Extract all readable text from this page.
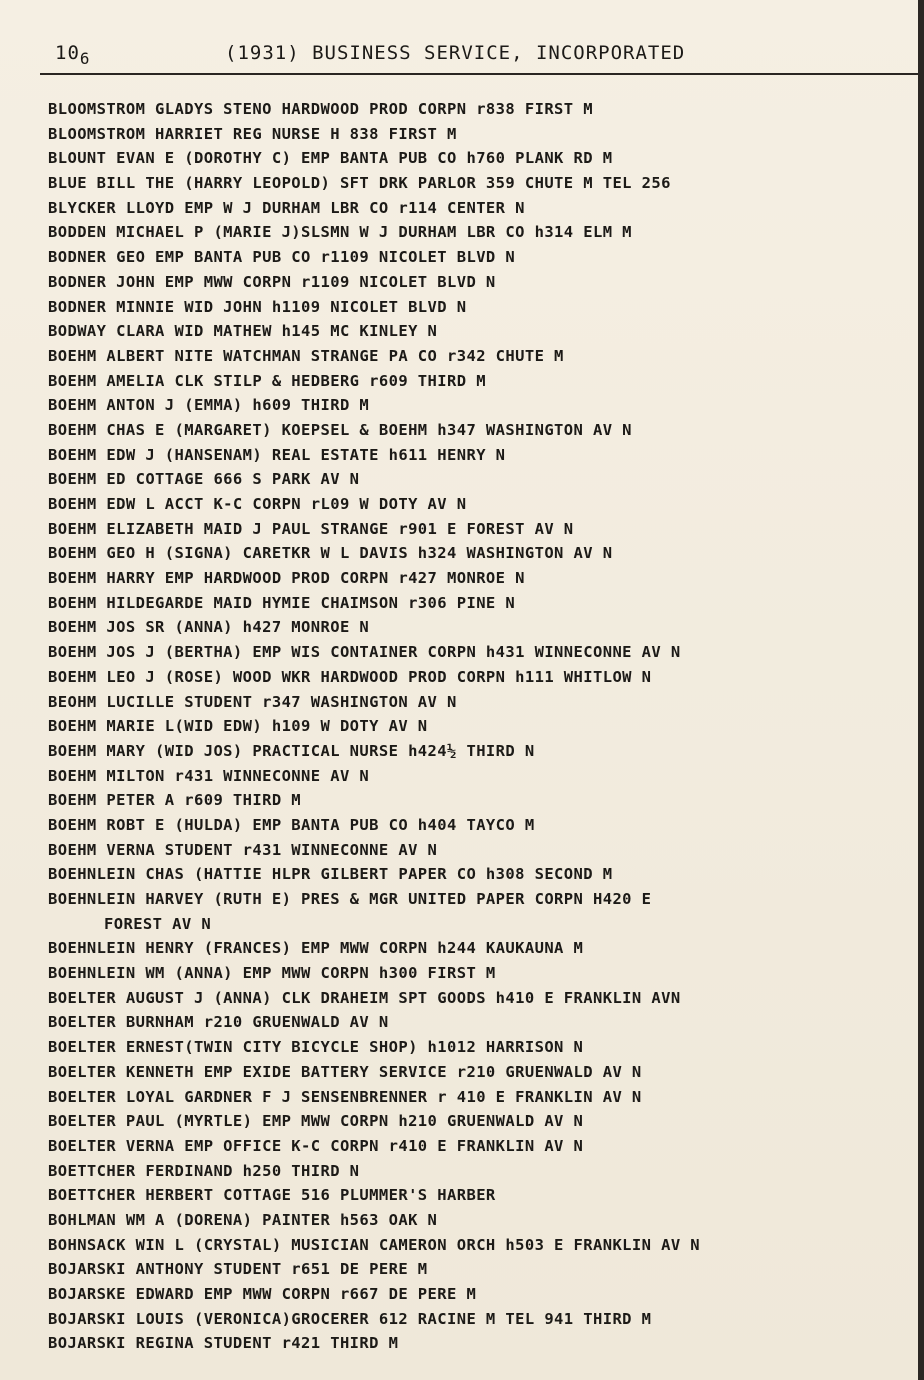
$10_6$	(1931) BUSINESS SERVICE, INCORPORATED
BLOOMSTROM GLADYS STENO HARDWOOD PROD CORPN r838 FIRST M
BLOOMSTROM HARRIET REG NURSE H 838 FIRST M
BLOUNT EVAN E (DOROTHY C) EMP BANTA PUB CO h760 PLANK RD M
BLUE BILL THE (HARRY LEOPOLD) SFT DRK PARLOR 359 CHUTE M TEL 256
BLYCKER LLOYD EMP W J DURHAM LBR CO r114 CENTER N
BODDEN MICHAEL P (MARIE J)SLSMN W J DURHAM LBR CO h314 ELM M
BODNER GEO EMP BANTA PUB CO r1109 NICOLET BLVD N
BODNER JOHN EMP MWW CORPN r1109 NICOLET BLVD N
BODNER MINNIE WID JOHN h1109 NICOLET BLVD N
BODWAY CLARA WID MATHEW h145 MC KINLEY N
BOEHM ALBERT NITE WATCHMAN STRANGE PA CO r342 CHUTE M
BOEHM AMELIA CLK STILP & HEDBERG r609 THIRD M
BOEHM ANTON J (EMMA) h609 THIRD M
BOEHM CHAS E (MARGARET) KOEPSEL & BOEHM h347 WASHINGTON AV N
BOEHM EDW J (HANSENAM) REAL ESTATE h611 HENRY N
BOEHM ED COTTAGE 666 S PARK AV N
BOEHM EDW L ACCT K-C CORPN rL09 W DOTY AV N
BOEHM ELIZABETH MAID J PAUL STRANGE r901 E FOREST AV N
BOEHM GEO H (SIGNA) CARETKR W L DAVIS h324 WASHINGTON AV N
BOEHM HARRY EMP HARDWOOD PROD CORPN r427 MONROE N
BOEHM HILDEGARDE MAID HYMIE CHAIMSON r306 PINE N
BOEHM JOS SR (ANNA) h427 MONROE N
BOEHM JOS J (BERTHA) EMP WIS CONTAINER CORPN h431 WINNECONNE AV N
BOEHM LEO J (ROSE) WOOD WKR HARDWOOD PROD CORPN h111 WHITLOW N
BEOHM LUCILLE STUDENT r347 WASHINGTON AV N
BOEHM MARIE L(WID EDW) h109 W DOTY AV N
BOEHM MARY (WID JOS) PRACTICAL NURSE h424½ THIRD N
BOEHM MILTON r431 WINNECONNE AV N
BOEHM PETER A r609 THIRD M
BOEHM ROBT E (HULDA) EMP BANTA PUB CO h404 TAYCO M
BOEHM VERNA STUDENT r431 WINNECONNE AV N
BOEHNLEIN CHAS (HATTIE HLPR GILBERT PAPER CO h308 SECOND M
BOEHNLEIN HARVEY (RUTH E) PRES & MGR UNITED PAPER CORPN H420 E
FOREST AV N
BOEHNLEIN HENRY (FRANCES) EMP MWW CORPN h244 KAUKAUNA M
BOEHNLEIN WM (ANNA) EMP MWW CORPN h300 FIRST M
BOELTER AUGUST J (ANNA) CLK DRAHEIM SPT GOODS h410 E FRANKLIN AVN
BOELTER BURNHAM r210 GRUENWALD AV N
BOELTER ERNEST(TWIN CITY BICYCLE SHOP) h1012 HARRISON N
BOELTER KENNETH EMP EXIDE BATTERY SERVICE r210 GRUENWALD AV N
BOELTER LOYAL GARDNER F J SENSENBRENNER r 410 E FRANKLIN AV N
BOELTER PAUL (MYRTLE) EMP MWW CORPN h210 GRUENWALD AV N
BOELTER VERNA EMP OFFICE K-C CORPN r410 E FRANKLIN AV N
BOETTCHER FERDINAND h250 THIRD N
BOETTCHER HERBERT COTTAGE 516 PLUMMER'S HARBER
BOHLMAN WM A (DORENA) PAINTER h563 OAK N
BOHNSACK WIN L (CRYSTAL) MUSICIAN CAMERON ORCH h503 E FRANKLIN AV N
BOJARSKI ANTHONY STUDENT r651 DE PERE M
BOJARSKE EDWARD EMP MWW CORPN r667 DE PERE M
BOJARSKI LOUIS (VERONICA)GROCERER 612 RACINE M TEL 941 THIRD M
BOJARSKI REGINA STUDENT r421 THIRD M
